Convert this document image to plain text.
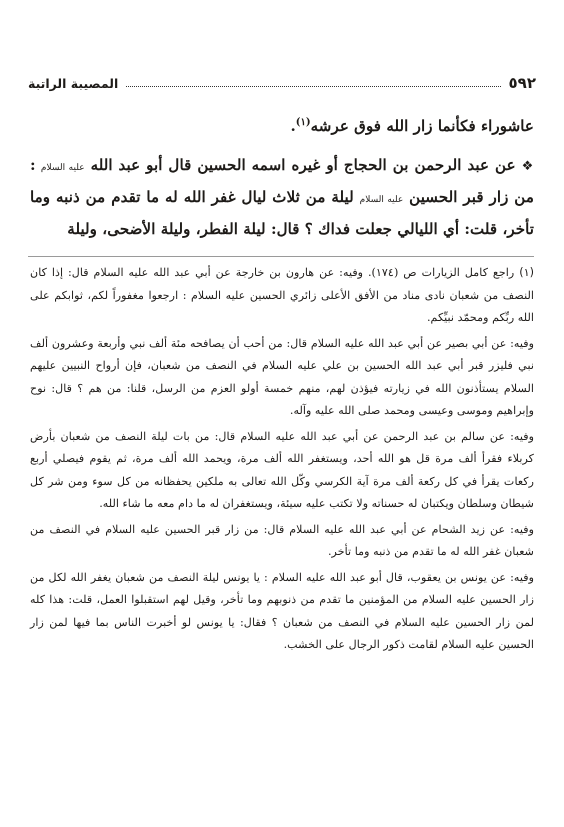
٥٩٢
المصيبة الراتبة

عاشوراء فكأنما زار الله فوق عرشه$^{(١)}$.

❖ عن عبد الرحمن بن الحجاج أو غيره اسمه الحسين قال أبو عبد الله عليه السلام : من زار قبر الحسين عليه السلام ليلة من ثلاث ليال غفر الله له ما تقدم من ذنبه وما تأخر، قلت: أي الليالي جعلت فداك ؟ قال: ليلة الفطر، وليلة الأضحى، وليلة

(١) راجع كامل الزيارات ص (١٧٤). وفيه: عن هارون بن خارجة عن أبي عبد الله عليه السلام قال: إذا كان النصف من شعبان نادى مناد من الأفق الأعلى زائري الحسين عليه السلام : ارجعوا مغفوراً لكم، ثوابكم على الله ربِّكم ومحمّد نبيِّكم.

وفيه: عن أبي بصير عن أبي عبد الله عليه السلام قال: من أحب أن يصافحه مئة ألف نبي وأربعة وعشرون ألف نبي فليزر قبر أبي عبد الله الحسين بن علي عليه السلام في النصف من شعبان، فإن أرواح النبيين عليهم السلام يستأذنون الله في زيارته فيؤذن لهم، منهم خمسة أولو العزم من الرسل، قلنا: من هم ؟ قال: نوح وإبراهيم وموسى وعيسى ومحمد صلى الله عليه وآله.

وفيه: عن سالم بن عبد الرحمن عن أبي عبد الله عليه السلام قال: من بات ليلة النصف من شعبان بأرض كربلاء فقرأ ألف مرة قل هو الله أحد، ويستغفر الله ألف مرة، ويحمد الله ألف مرة، ثم يقوم فيصلي أربع ركعات يقرأ في كل ركعة ألف مرة آية الكرسي وكّل الله تعالى به ملكين يحفظانه من كل سوء ومن شر كل شيطان وسلطان ويكتبان له حسناته ولا تكتب عليه سيئة، ويستغفران له ما دام معه ما شاء الله.

وفيه: عن زيد الشحام عن أبي عبد الله عليه السلام قال: من زار قبر الحسين عليه السلام في النصف من شعبان غفر الله له ما تقدم من ذنبه وما تأخر.

وفيه: عن يونس بن يعقوب، قال أبو عبد الله عليه السلام : يا يونس ليلة النصف من شعبان يغفر الله لكل من زار الحسين عليه السلام من المؤمنين ما تقدم من ذنوبهم وما تأخر، وقيل لهم استقبلوا العمل، قلت: هذا كله لمن زار الحسين عليه السلام في النصف من شعبان ؟ فقال: يا يونس لو أخبرت الناس بما فيها لمن زار الحسين عليه السلام لقامت ذكور الرجال على الخشب.
